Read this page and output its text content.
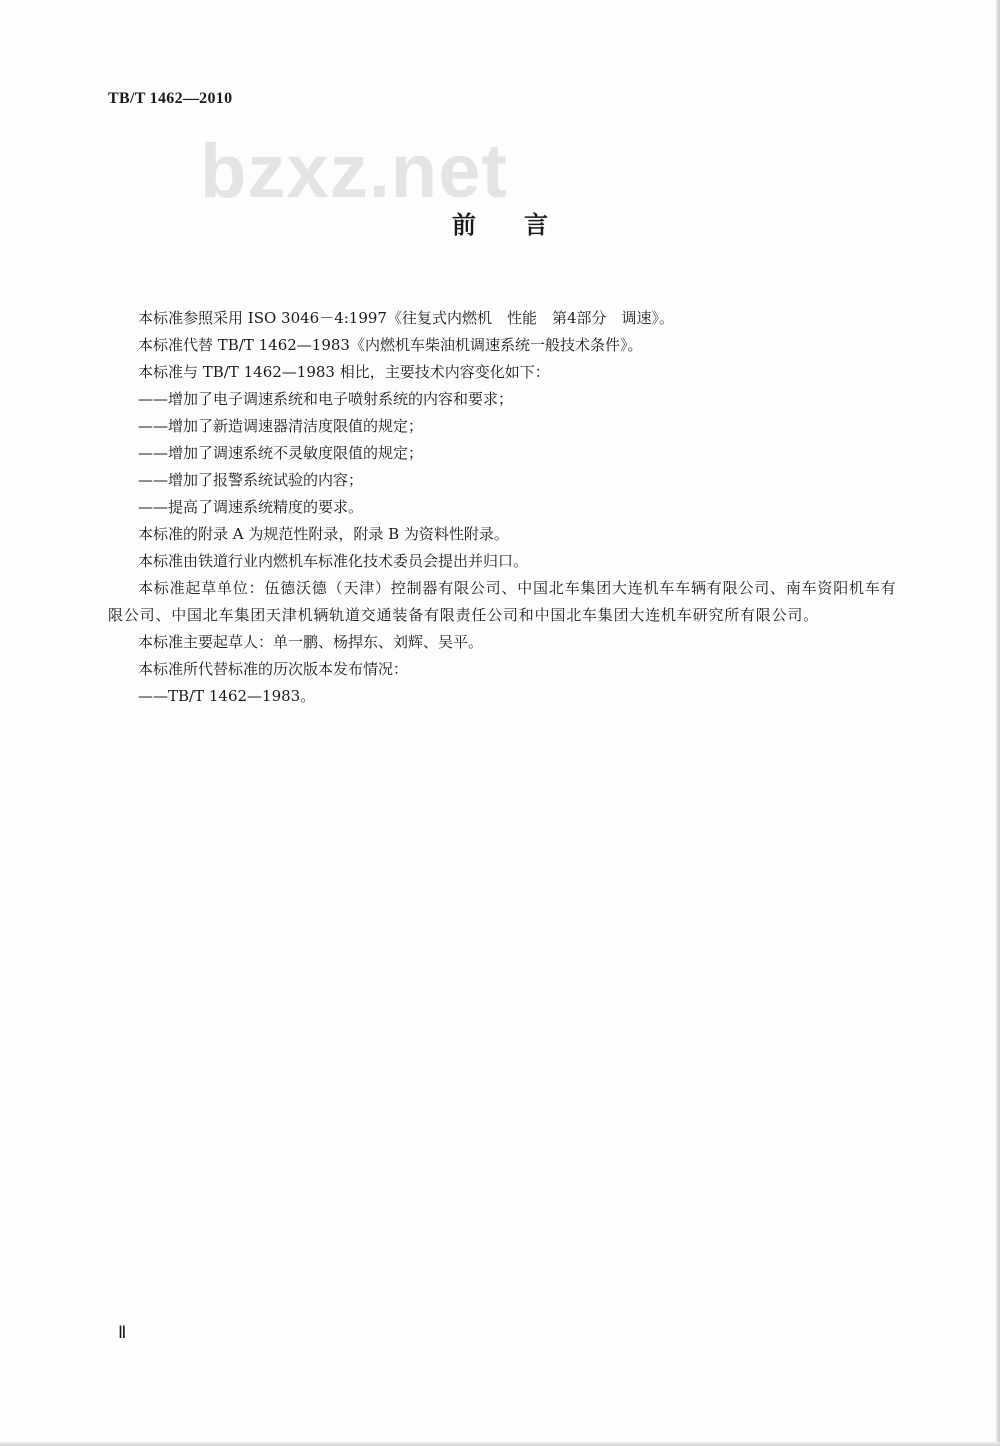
TB/T 1462—2010
bzxz.net
前言

本标准参照采用 ISO 3046－4:1997《往复式内燃机　性能　第4部分　调速》。

本标准代替 TB/T 1462—1983《内燃机车柴油机调速系统一般技术条件》。

本标准与 TB/T 1462—1983 相比，主要技术内容变化如下：

——增加了电子调速系统和电子喷射系统的内容和要求；

——增加了新造调速器清洁度限值的规定；

——增加了调速系统不灵敏度限值的规定；

——增加了报警系统试验的内容；

——提高了调速系统精度的要求。

本标准的附录 A 为规范性附录，附录 B 为资料性附录。

本标准由铁道行业内燃机车标准化技术委员会提出并归口。

本标准起草单位：伍德沃德（天津）控制器有限公司、中国北车集团大连机车车辆有限公司、南车资阳机车有限公司、中国北车集团天津机辆轨道交通装备有限责任公司和中国北车集团大连机车研究所有限公司。

本标准主要起草人：单一鹏、杨捍东、刘辉、吴平。

本标准所代替标准的历次版本发布情况：

——TB/T 1462—1983。

Ⅱ
